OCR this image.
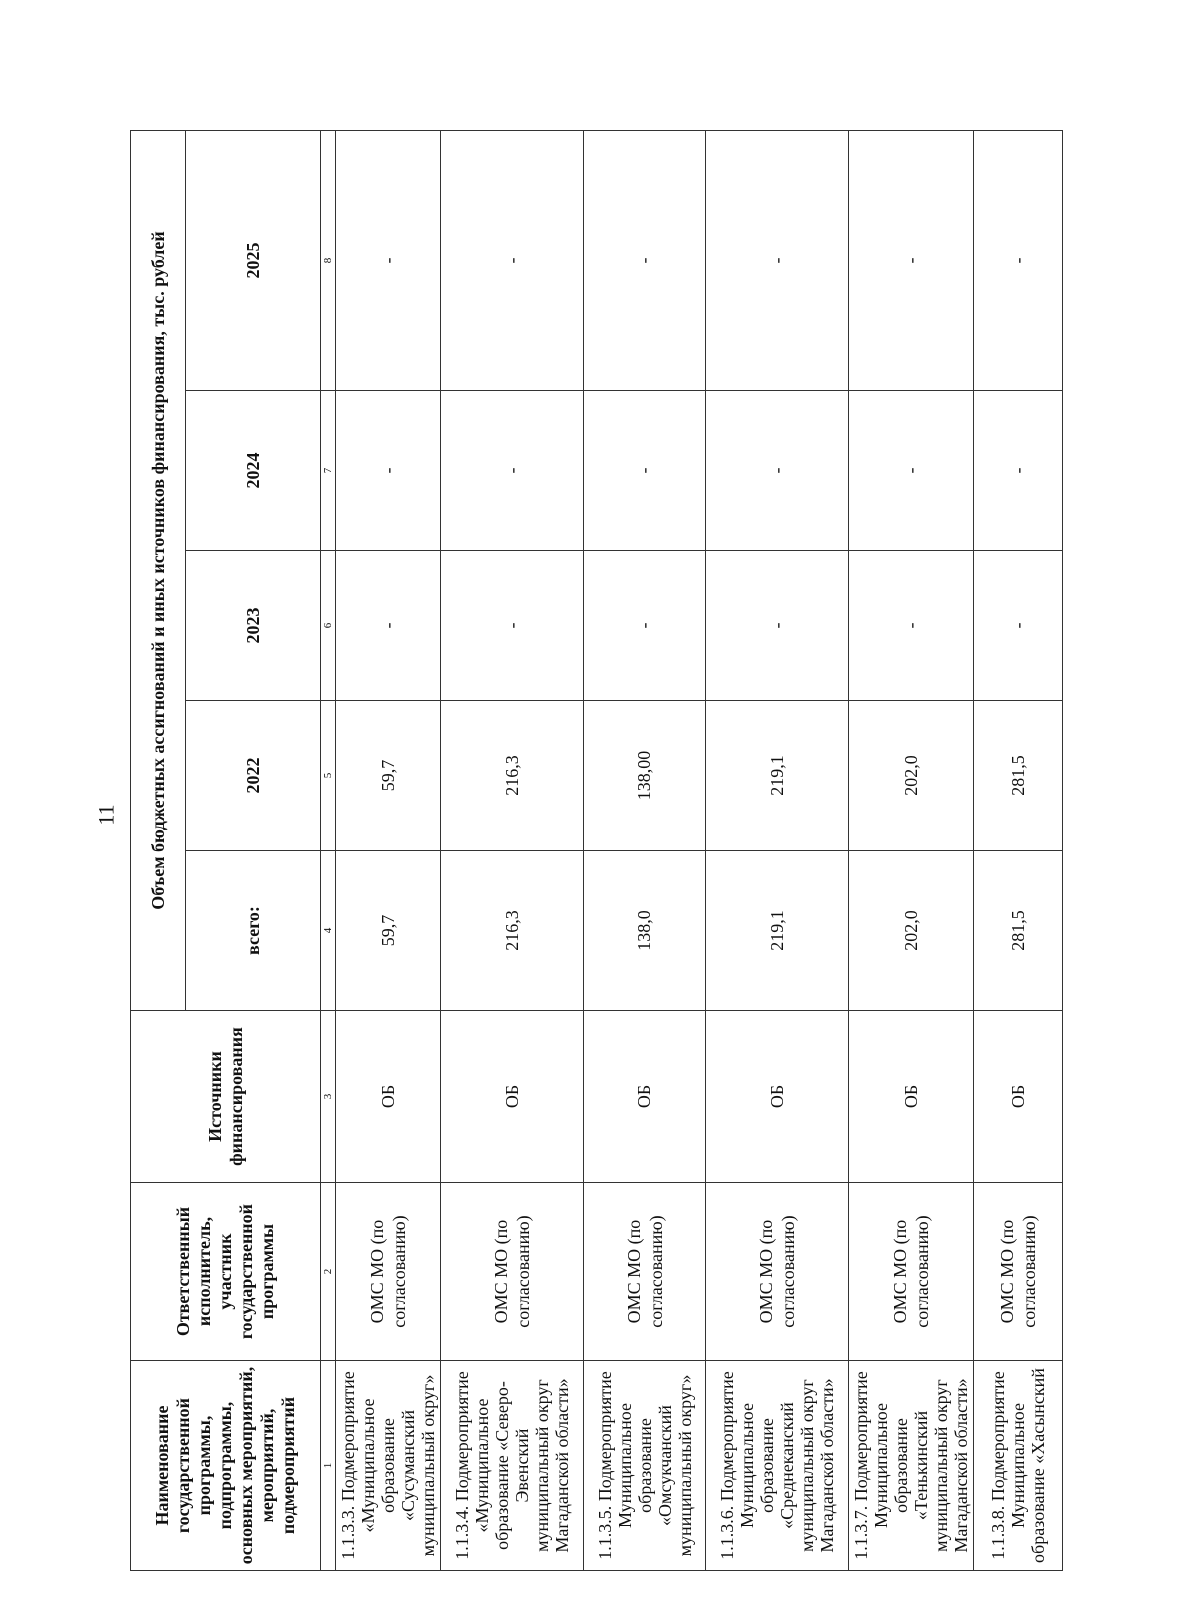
11
Наименование государственной программы, подпрограммы, основных мероприятий, мероприятий, подмероприятий	Ответственный исполнитель, участник государственной программы	Источники финансирования	Объем бюджетных ассигнований и иных источников финансирования, тыс. рублей				
			всего:	2022	2023	2024	2025
1	2	3	4	5	6	7	8
1.1.3.3. Подмероприятие «Муниципальное образование «Сусуманский муниципальный округ»	ОМС МО (по согласованию)	ОБ	59,7	59,7	-	-	-
1.1.3.4. Подмероприятие «Муниципальное образование «Северо-Эвенский муниципальный округ Магаданской области»	ОМС МО (по согласованию)	ОБ	216,3	216,3	-	-	-
1.1.3.5. Подмероприятие Муниципальное образование «Омсукчанский муниципальный округ»	ОМС МО (по согласованию)	ОБ	138,0	138,00	-	-	-
1.1.3.6. Подмероприятие Муниципальное образование «Среднеканский муниципальный округ Магаданской области»	ОМС МО (по согласованию)	ОБ	219,1	219,1	-	-	-
1.1.3.7. Подмероприятие Муниципальное образование «Тенькинский муниципальный округ Магаданской области»	ОМС МО (по согласованию)	ОБ	202,0	202,0	-	-	-
1.1.3.8. Подмероприятие Муниципальное образование «Хасынский	ОМС МО (по согласованию)	ОБ	281,5	281,5	-	-	-
